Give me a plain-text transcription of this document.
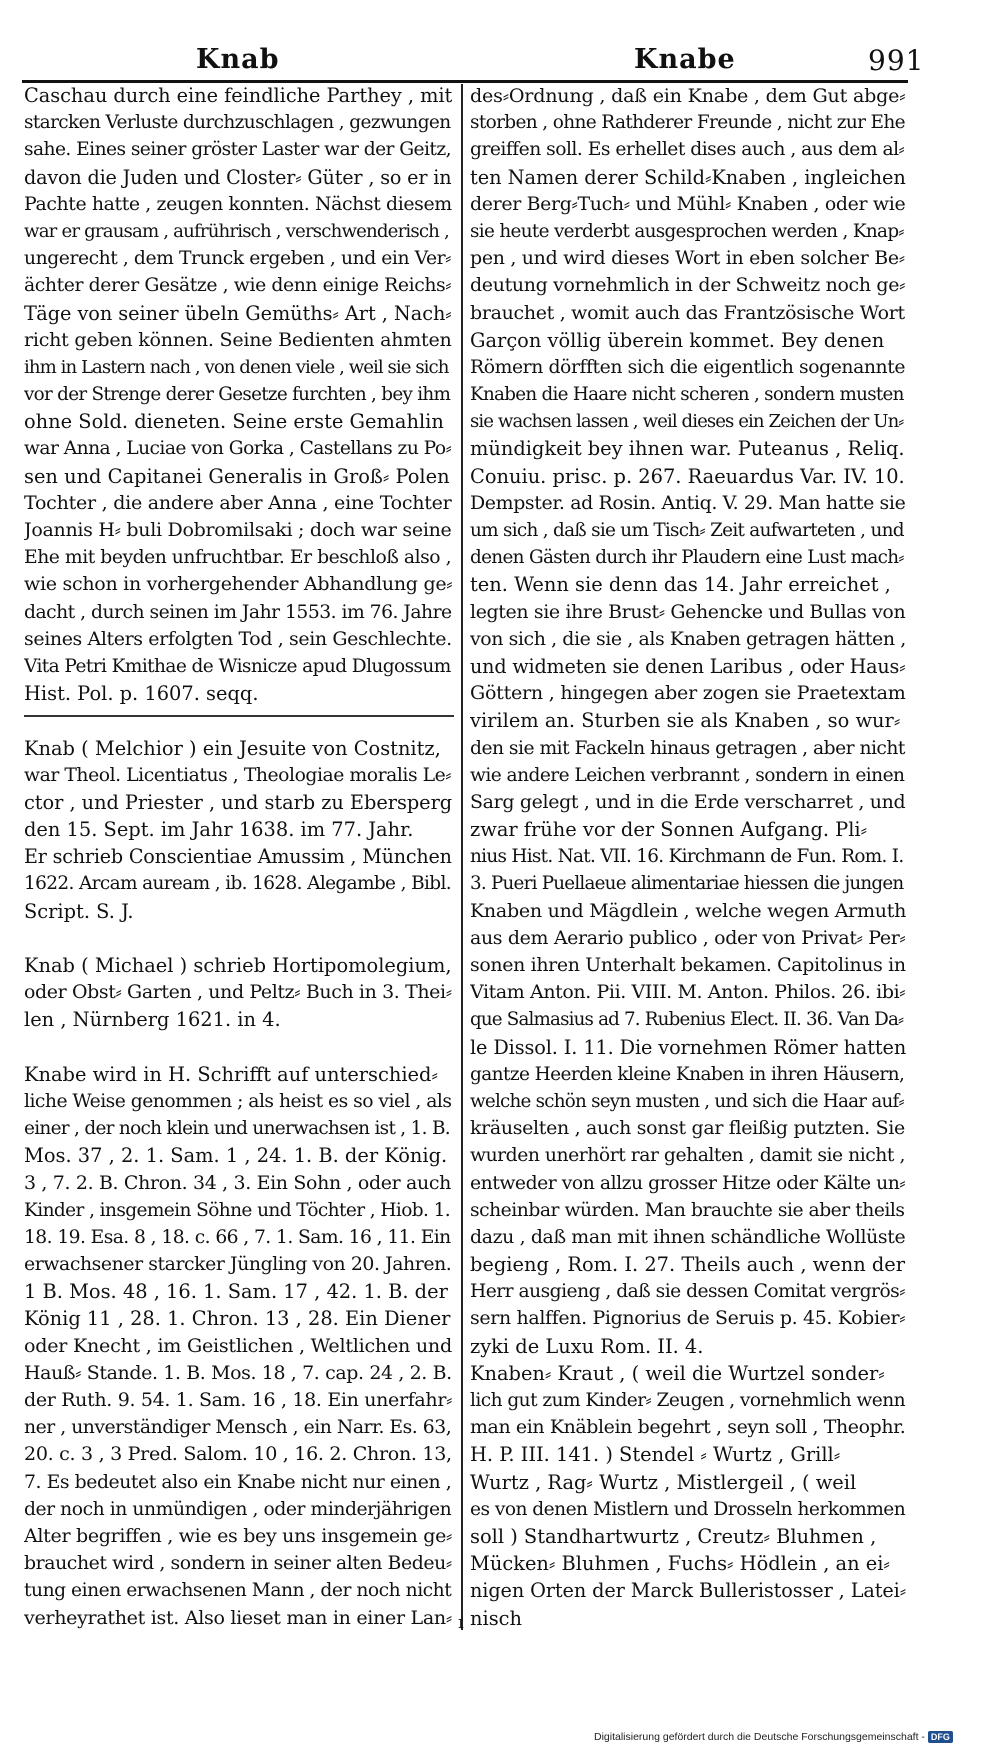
Knab	Knabe	991
Caschau durch eine feindliche Parthey , mit
starcken Verluste durchzuschlagen , gezwungen
sahe. Eines seiner gröster Laster war der Geitz,
davon die Juden und Closter⸗ Güter , so er in
Pachte hatte , zeugen konnten. Nächst diesem
war er grausam , aufrührisch , verschwenderisch ,
ungerecht , dem Trunck ergeben , und ein Ver⸗
ächter derer Gesätze , wie denn einige Reichs⸗
Täge von seiner übeln Gemüths⸗ Art , Nach⸗
richt geben können. Seine Bedienten ahmten
ihm in Lastern nach , von denen viele , weil sie sich
vor der Strenge derer Gesetze furchten , bey ihm
ohne Sold. dieneten. Seine erste Gemahlin
war Anna , Luciae von Gorka , Castellans zu Po⸗
sen und Capitanei Generalis in Groß⸗ Polen
Tochter , die andere aber Anna , eine Tochter
Joannis H⸗ buli Dobromilsaki ; doch war seine
Ehe mit beyden unfruchtbar. Er beschloß also ,
wie schon in vorhergehender Abhandlung ge⸗
dacht , durch seinen im Jahr 1553. im 76. Jahre
seines Alters erfolgten Tod , sein Geschlechte.
Vita Petri Kmithae de Wisnicze apud Dlugossum
Hist. Pol. p. 1607. seqq.
Knab ( Melchior ) ein Jesuite von Costnitz,
war Theol. Licentiatus , Theologiae moralis Le⸗
ctor , und Priester , und starb zu Ebersperg
den 15. Sept. im Jahr 1638. im 77. Jahr.
Er schrieb Conscientiae Amussim , München
1622. Arcam auream , ib. 1628. Alegambe , Bibl.
Script. S. J.
Knab ( Michael ) schrieb Hortipomolegium,
oder Obst⸗ Garten , und Peltz⸗ Buch in 3. Thei⸗
len , Nürnberg 1621. in 4.
Knabe wird in H. Schrifft auf unterschied⸗
liche Weise genommen ; als heist es so viel , als
einer , der noch klein und unerwachsen ist , 1. B.
Mos. 37 , 2. 1. Sam. 1 , 24. 1. B. der König.
3 , 7. 2. B. Chron. 34 , 3. Ein Sohn , oder auch
Kinder , insgemein Söhne und Töchter , Hiob. 1.
18. 19. Esa. 8 , 18. c. 66 , 7. 1. Sam. 16 , 11. Ein
erwachsener starcker Jüngling von 20. Jahren.
1 B. Mos. 48 , 16. 1. Sam. 17 , 42. 1. B. der
König 11 , 28. 1. Chron. 13 , 28. Ein Diener
oder Knecht , im Geistlichen , Weltlichen und
Hauß⸗ Stande. 1. B. Mos. 18 , 7. cap. 24 , 2. B.
der Ruth. 9. 54. 1. Sam. 16 , 18. Ein unerfahr⸗
ner , unverständiger Mensch , ein Narr. Es. 63,
20. c. 3 , 3 Pred. Salom. 10 , 16. 2. Chron. 13,
7. Es bedeutet also ein Knabe nicht nur einen ,
der noch in unmündigen , oder minderjährigen
Alter begriffen , wie es bey uns insgemein ge⸗
brauchet wird , sondern in seiner alten Bedeu⸗
tung einen erwachsenen Mann , der noch nicht
verheyrathet ist. Also lieset man in einer Lan⸗
des⸗Ordnung , daß ein Knabe , dem Gut abge⸗
storben , ohne Rathderer Freunde , nicht zur Ehe
greiffen soll. Es erhellet dises auch , aus dem al⸗
ten Namen derer Schild⸗Knaben , ingleichen
derer Berg⸗Tuch⸗ und Mühl⸗ Knaben , oder wie
sie heute verderbt ausgesprochen werden , Knap⸗
pen , und wird dieses Wort in eben solcher Be⸗
deutung vornehmlich in der Schweitz noch ge⸗
brauchet , womit auch das Frantzösische Wort
Garçon völlig überein kommet. Bey denen
Römern dörfften sich die eigentlich sogenannte
Knaben die Haare nicht scheren , sondern musten
sie wachsen lassen , weil dieses ein Zeichen der Un⸗
mündigkeit bey ihnen war. Puteanus , Reliq.
Conuiu. prisc. p. 267. Raeuardus Var. IV. 10.
Dempster. ad Rosin. Antiq. V. 29. Man hatte sie
um sich , daß sie um Tisch⸗ Zeit aufwarteten , und
denen Gästen durch ihr Plaudern eine Lust mach⸗
ten. Wenn sie denn das 14. Jahr erreichet ,
legten sie ihre Brust⸗ Gehencke und Bullas von
von sich , die sie , als Knaben getragen hätten ,
und widmeten sie denen Laribus , oder Haus⸗
Göttern , hingegen aber zogen sie Praetextam
virilem an. Sturben sie als Knaben , so wur⸗
den sie mit Fackeln hinaus getragen , aber nicht
wie andere Leichen verbrannt , sondern in einen
Sarg gelegt , und in die Erde verscharret , und
zwar frühe vor der Sonnen Aufgang. Pli⸗
nius Hist. Nat. VII. 16. Kirchmann de Fun. Rom. I.
3. Pueri Puellaeue alimentariae hiessen die jungen
Knaben und Mägdlein , welche wegen Armuth
aus dem Aerario publico , oder von Privat⸗ Per⸗
sonen ihren Unterhalt bekamen. Capitolinus in
Vitam Anton. Pii. VIII. M. Anton. Philos. 26. ibi⸗
que Salmasius ad 7. Rubenius Elect. II. 36. Van Da⸗
le Dissol. I. 11. Die vornehmen Römer hatten
gantze Heerden kleine Knaben in ihren Häusern,
welche schön seyn musten , und sich die Haar auf⸗
kräuselten , auch sonst gar fleißig putzten. Sie
wurden unerhört rar gehalten , damit sie nicht ,
entweder von allzu grosser Hitze oder Kälte un⸗
scheinbar würden. Man brauchte sie aber theils
dazu , daß man mit ihnen schändliche Wollüste
begieng , Rom. I. 27. Theils auch , wenn der
Herr ausgieng , daß sie dessen Comitat vergrös⸗
sern halffen. Pignorius de Seruis p. 45. Kobier⸗
zyki de Luxu Rom. II. 4.
Knaben⸗ Kraut , ( weil die Wurtzel sonder⸗
lich gut zum Kinder⸗ Zeugen , vornehmlich wenn
man ein Knäblein begehrt , seyn soll , Theophr.
H. P. III. 141. ) Stendel ⸗ Wurtz , Grill⸗
Wurtz , Rag⸗ Wurtz , Mistlergeil , ( weil
es von denen Mistlern und Drosseln herkommen
soll ) Standhartwurtz , Creutz⸗ Bluhmen ,
Mücken⸗ Bluhmen , Fuchs⸗ Hödlein , an ei⸗
nigen Orten der Marck Bulleristosser , Latei⸗
nisch
ı
Digitalisierung gefördert durch die Deutsche Forschungsgemeinschaft - DFG
